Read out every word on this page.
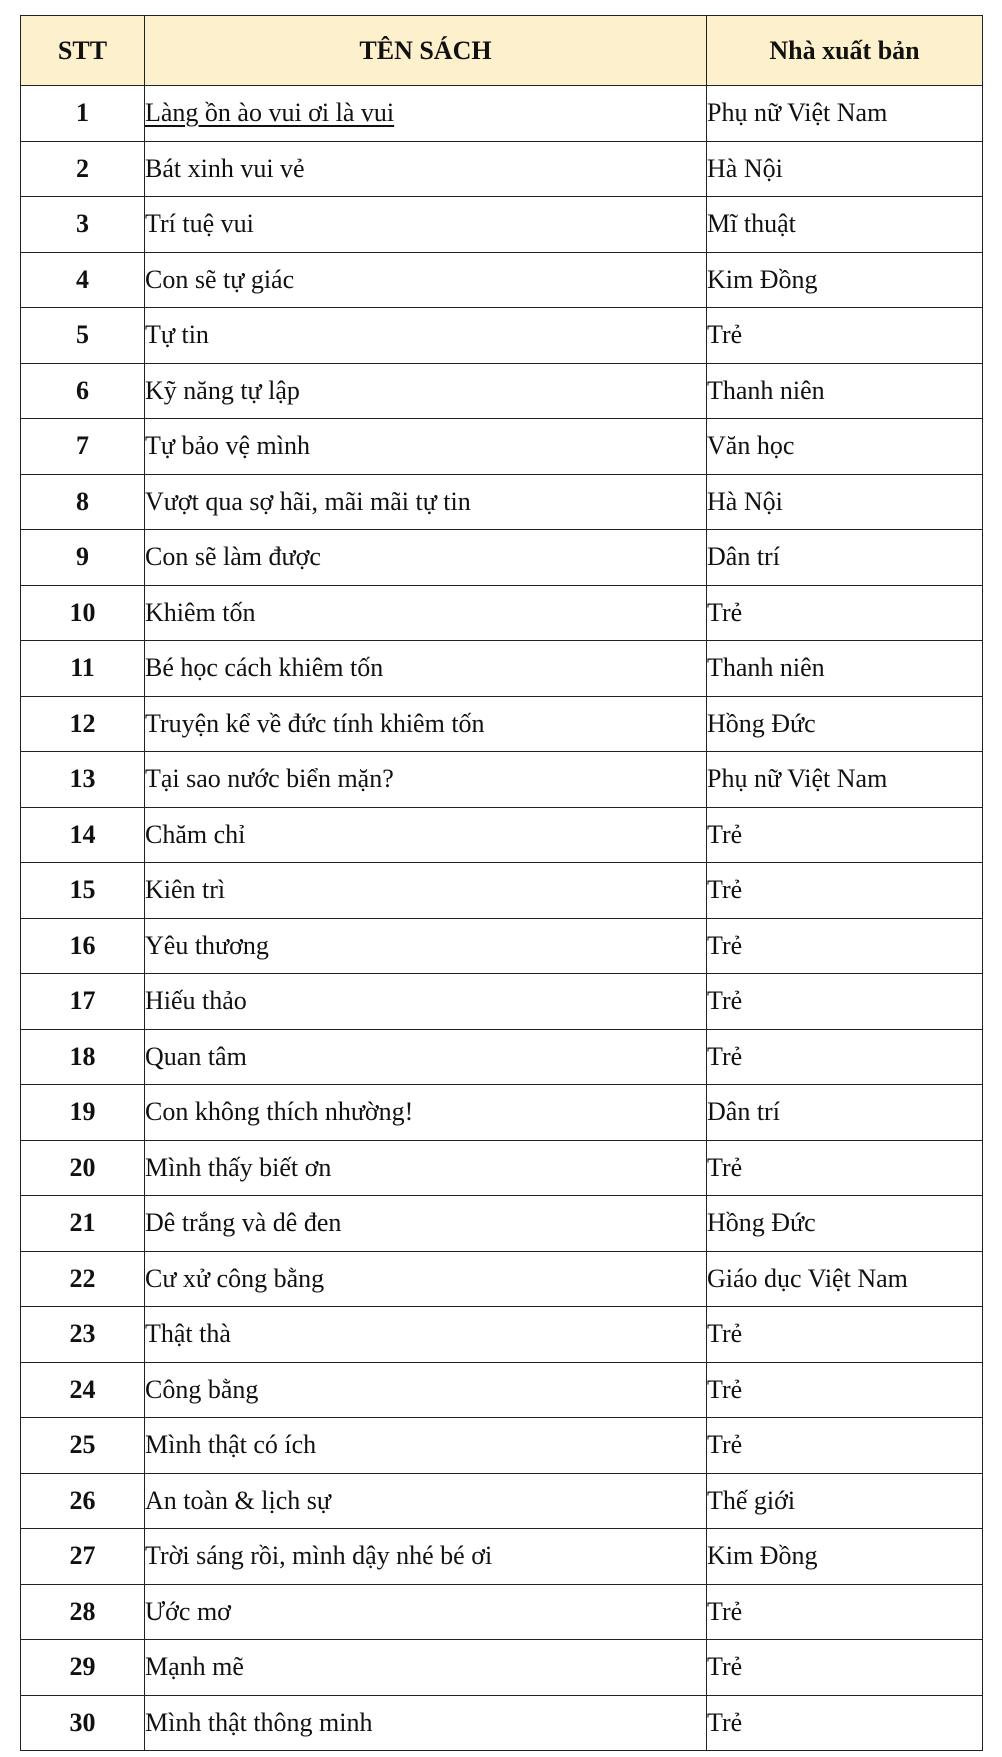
STT	TÊN SÁCH	Nhà xuất bản
1	Làng ồn ào vui ơi là vui	Phụ nữ Việt Nam
2	Bát xinh vui vẻ	Hà Nội
3	Trí tuệ vui	Mĩ thuật
4	Con sẽ tự giác	Kim Đồng
5	Tự tin	Trẻ
6	Kỹ năng tự lập	Thanh niên
7	Tự bảo vệ mình	Văn học
8	Vượt qua sợ hãi, mãi mãi tự tin	Hà Nội
9	Con sẽ làm được	Dân trí
10	Khiêm tốn	Trẻ
11	Bé học cách khiêm tốn	Thanh niên
12	Truyện kể về đức tính khiêm tốn	Hồng Đức
13	Tại sao nước biển mặn?	Phụ nữ Việt Nam
14	Chăm chỉ	Trẻ
15	Kiên trì	Trẻ
16	Yêu thương	Trẻ
17	Hiếu thảo	Trẻ
18	Quan tâm	Trẻ
19	Con không thích nhường!	Dân trí
20	Mình thấy biết ơn	Trẻ
21	Dê trắng và dê đen	Hồng Đức
22	Cư xử công bằng	Giáo dục Việt Nam
23	Thật thà	Trẻ
24	Công bằng	Trẻ
25	Mình thật có ích	Trẻ
26	An toàn & lịch sự	Thế giới
27	Trời sáng rồi, mình dậy nhé bé ơi	Kim Đồng
28	Ước mơ	Trẻ
29	Mạnh mẽ	Trẻ
30	Mình thật thông minh	Trẻ
